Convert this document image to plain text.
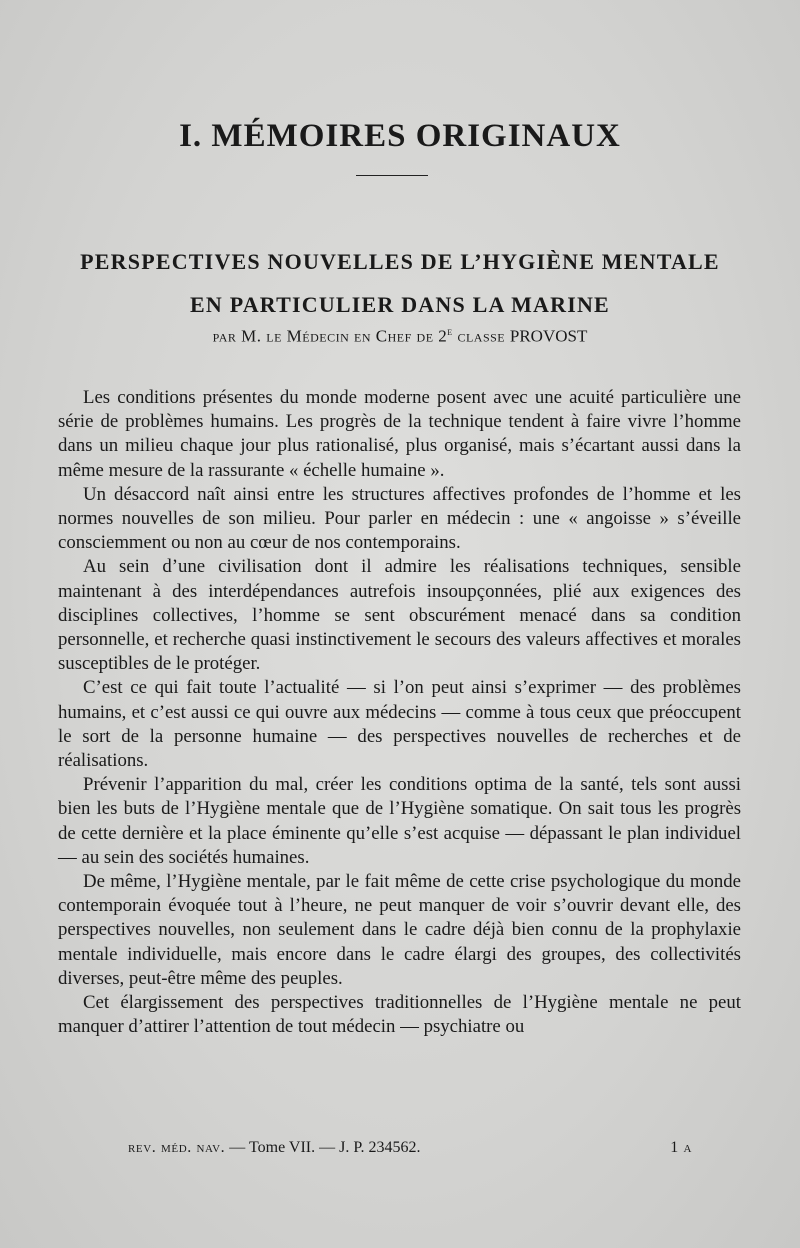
I. MÉMOIRES ORIGINAUX
PERSPECTIVES NOUVELLES DE L’HYGIÈNE MENTALE
EN PARTICULIER DANS LA MARINE

par M. le Médecin en Chef de 2e classe PROVOST

Les conditions présentes du monde moderne posent avec une acuité particulière une série de problèmes humains. Les progrès de la technique tendent à faire vivre l’homme dans un milieu chaque jour plus rationalisé, plus organisé, mais s’écartant aussi dans la même mesure de la rassurante « échelle humaine ».

Un désaccord naît ainsi entre les structures affectives profondes de l’homme et les normes nouvelles de son milieu. Pour parler en médecin : une « angoisse » s’éveille consciemment ou non au cœur de nos contemporains.

Au sein d’une civilisation dont il admire les réalisations techniques, sensible maintenant à des interdépendances autrefois insoupçonnées, plié aux exigences des disciplines collectives, l’homme se sent obscurément menacé dans sa condition personnelle, et recherche quasi instinctivement le secours des valeurs affectives et morales susceptibles de le protéger.

C’est ce qui fait toute l’actualité — si l’on peut ainsi s’exprimer — des problèmes humains, et c’est aussi ce qui ouvre aux médecins — comme à tous ceux que préoccupent le sort de la personne humaine — des perspectives nouvelles de recherches et de réalisations.

Prévenir l’apparition du mal, créer les conditions optima de la santé, tels sont aussi bien les buts de l’Hygiène mentale que de l’Hygiène somatique. On sait tous les progrès de cette dernière et la place éminente qu’elle s’est acquise — dépassant le plan individuel — au sein des sociétés humaines.

De même, l’Hygiène mentale, par le fait même de cette crise psychologique du monde contemporain évoquée tout à l’heure, ne peut manquer de voir s’ouvrir devant elle, des perspectives nouvelles, non seulement dans le cadre déjà bien connu de la prophylaxie mentale individuelle, mais encore dans le cadre élargi des groupes, des collectivités diverses, peut-être même des peuples.

Cet élargissement des perspectives traditionnelles de l’Hygiène mentale ne peut manquer d’attirer l’attention de tout médecin — psychiatre ou

rev. méd. nav. — Tome VII. — J. P. 234562.	1 a
